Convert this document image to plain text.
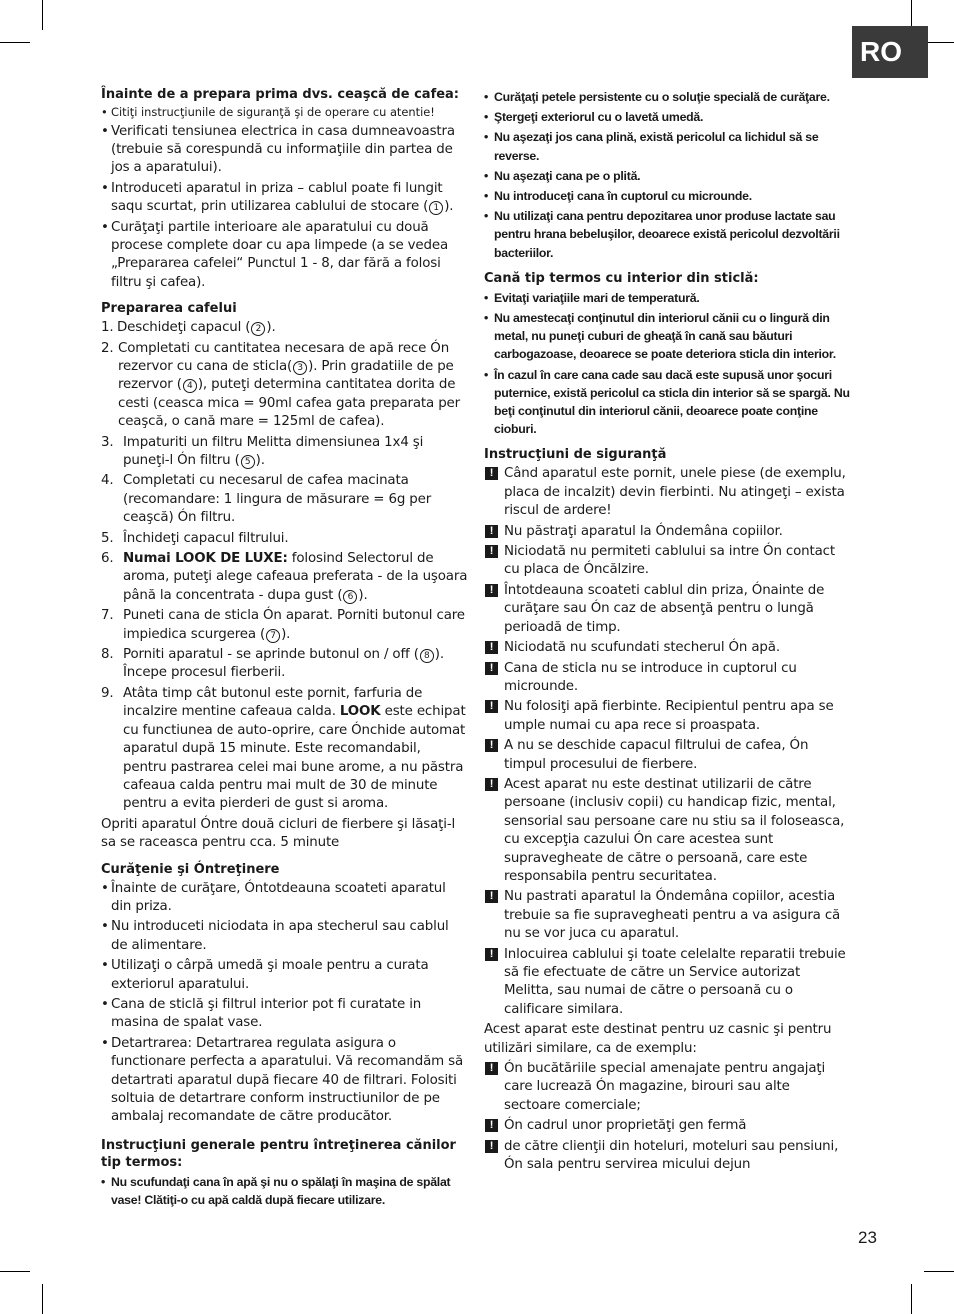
RO

Înainte de a prepara prima dvs. ceaşcă de cafea:

• Citiţi instrucţiunile de siguranţă şi de operare cu atentie!

• Verificati tensiunea electrica in casa dumneavoastra (trebuie să corespundă cu informaţiile din partea de jos a aparatului).

• Introduceti aparatul in priza – cablul poate fi lungit saqu scurtat, prin utilizarea cablului de stocare ( 1 ).

• Curăţaţi partile interioare ale aparatului cu două procese complete doar cu apa limpede (a se vedea „Prepararea cafelei“ Punctul 1 - 8, dar fără a folosi filtru şi cafea).

Prepararea cafelui

1. Deschideţi capacul ( 2 ).

2. Completati cu cantitatea necesara de apă rece Ón rezervor cu cana de sticla( 3 ). Prin gradatiile de pe rezervor ( 4 ), puteţi determina cantitatea dorita de cesti (ceasca mica = 90ml cafea gata preparata per ceaşcă, o cană mare = 125ml de cafea).

3. Impaturiti un filtru Melitta dimensiunea 1x4 şi puneţi-l Ón filtru ( 5 ).

4. Completati cu necesarul de cafea macinata (recomandare: 1 lingura de măsurare = 6g per ceaşcă) Ón filtru.

5. Închideţi capacul filtrului.

6. Numai LOOK DE LUXE: folosind Selectorul de aroma, puteţi alege cafeaua preferata - de la uşoara până la concentrata - dupa gust ( 6 ).

7. Puneti cana de sticla Ón aparat. Porniti butonul care impiedica scurgerea ( 7 ).

8. Porniti aparatul - se aprinde butonul on / off ( 8 ). Începe procesul fierberii.

9. Atâta timp cât butonul este pornit, farfuria de incalzire mentine cafeaua calda. LOOK este echipat cu functiunea de auto-oprire, care Ónchide automat aparatul după 15 minute. Este recomandabil, pentru pastrarea celei mai bune arome, a nu păstra cafeaua calda pentru mai mult de 30 de minute pentru a evita pierderi de gust si aroma.

Opriti aparatul Óntre două cicluri de fierbere şi lăsaţi-l sa se raceasca pentru cca. 5 minute

Curăţenie şi Óntreţinere

• Înainte de curăţare, Óntotdeauna scoateti aparatul din priza.

• Nu introduceti niciodata in apa stecherul sau cablul de alimentare.

• Utilizaţi o cârpă umedă şi moale pentru a curata exteriorul aparatului.

• Cana de sticlă şi filtrul interior pot fi curatate in masina de spalat vase.

• Detartrarea: Detartrarea regulata asigura o functionare perfecta a aparatului. Vă recomandăm să detartrati aparatul după fiecare 40 de filtrari. Folositi soltuia de detartrare conform instructiunilor de pe ambalaj recomandate de către producător.

Instrucţiuni generale pentru întreţinerea cănilor tip termos:

• Nu scufundaţi cana în apă şi nu o spălaţi în maşina de spălat vase! Clătiţi-o cu apă caldă după fiecare utilizare.

• Curăţaţi petele persistente cu o soluţie specială de curăţare.

• Ştergeţi exteriorul cu o lavetă umedă.

• Nu aşezaţi jos cana plină, există pericolul ca lichidul să se reverse.

• Nu aşezaţi cana pe o plită.

• Nu introduceţi cana în cuptorul cu microunde.

• Nu utilizaţi cana pentru depozitarea unor produse lactate sau pentru hrana bebeluşilor, deoarece există pericolul dezvoltării bacteriilor.

Cană tip termos cu interior din sticlă:

• Evitaţi variaţiile mari de temperatură.

• Nu amestecaţi conţinutul din interiorul cănii cu o lingură din metal, nu puneţi cuburi de gheaţă în cană sau băuturi carbogazoase, deoarece se poate deteriora sticla din interior.

• În cazul în care cana cade sau dacă este supusă unor şocuri puternice, există pericolul ca sticla din interior să se spargă. Nu beţi conţinutul din interiorul cănii, deoarece poate conţine cioburi.

Instrucţiuni de siguranţă

! Când aparatul este pornit, unele piese (de exemplu, placa de incalzit) devin fierbinti. Nu atingeţi – exista riscul de ardere!

! Nu păstraţi aparatul la Óndemâna copiilor.

! Niciodată nu permiteti cablului sa intre Ón contact cu placa de Óncălzire.

! Întotdeauna scoateti cablul din priza, Ónainte de curăţare sau Ón caz de absenţă pentru o lungă perioadă de timp.

! Niciodată nu scufundati stecherul Ón apă.

! Cana de sticla nu se introduce in cuptorul cu microunde.

! Nu folosiţi apă fierbinte. Recipientul pentru apa se umple numai cu apa rece si proaspata.

! A nu se deschide capacul filtrului de cafea, Ón timpul procesului de fierbere.

! Acest aparat nu este destinat utilizarii de către persoane (inclusiv copii) cu handicap fizic, mental, sensorial sau persoane care nu stiu sa il foloseasca, cu excepţia cazului Ón care acestea sunt supravegheate de către o persoană, care este responsabila pentru securitatea.

! Nu pastrati aparatul la Óndemâna copiilor, acestia trebuie sa fie supravegheati pentru a va asigura că nu se vor juca cu aparatul.

! Inlocuirea cablului şi toate celelalte reparatii trebuie să fie efectuate de către un Service autorizat Melitta, sau numai de către o persoană cu o calificare similara.

Acest aparat este destinat pentru uz casnic şi pentru utilizări similare, ca de exemplu:

! Ón bucătăriile special amenajate pentru angajaţi care lucrează Ón magazine, birouri sau alte sectoare comerciale;

! Ón cadrul unor proprietăţi gen fermă

! de către clienţii din hoteluri, moteluri sau pensiuni, Ón sala pentru servirea micului dejun

23
